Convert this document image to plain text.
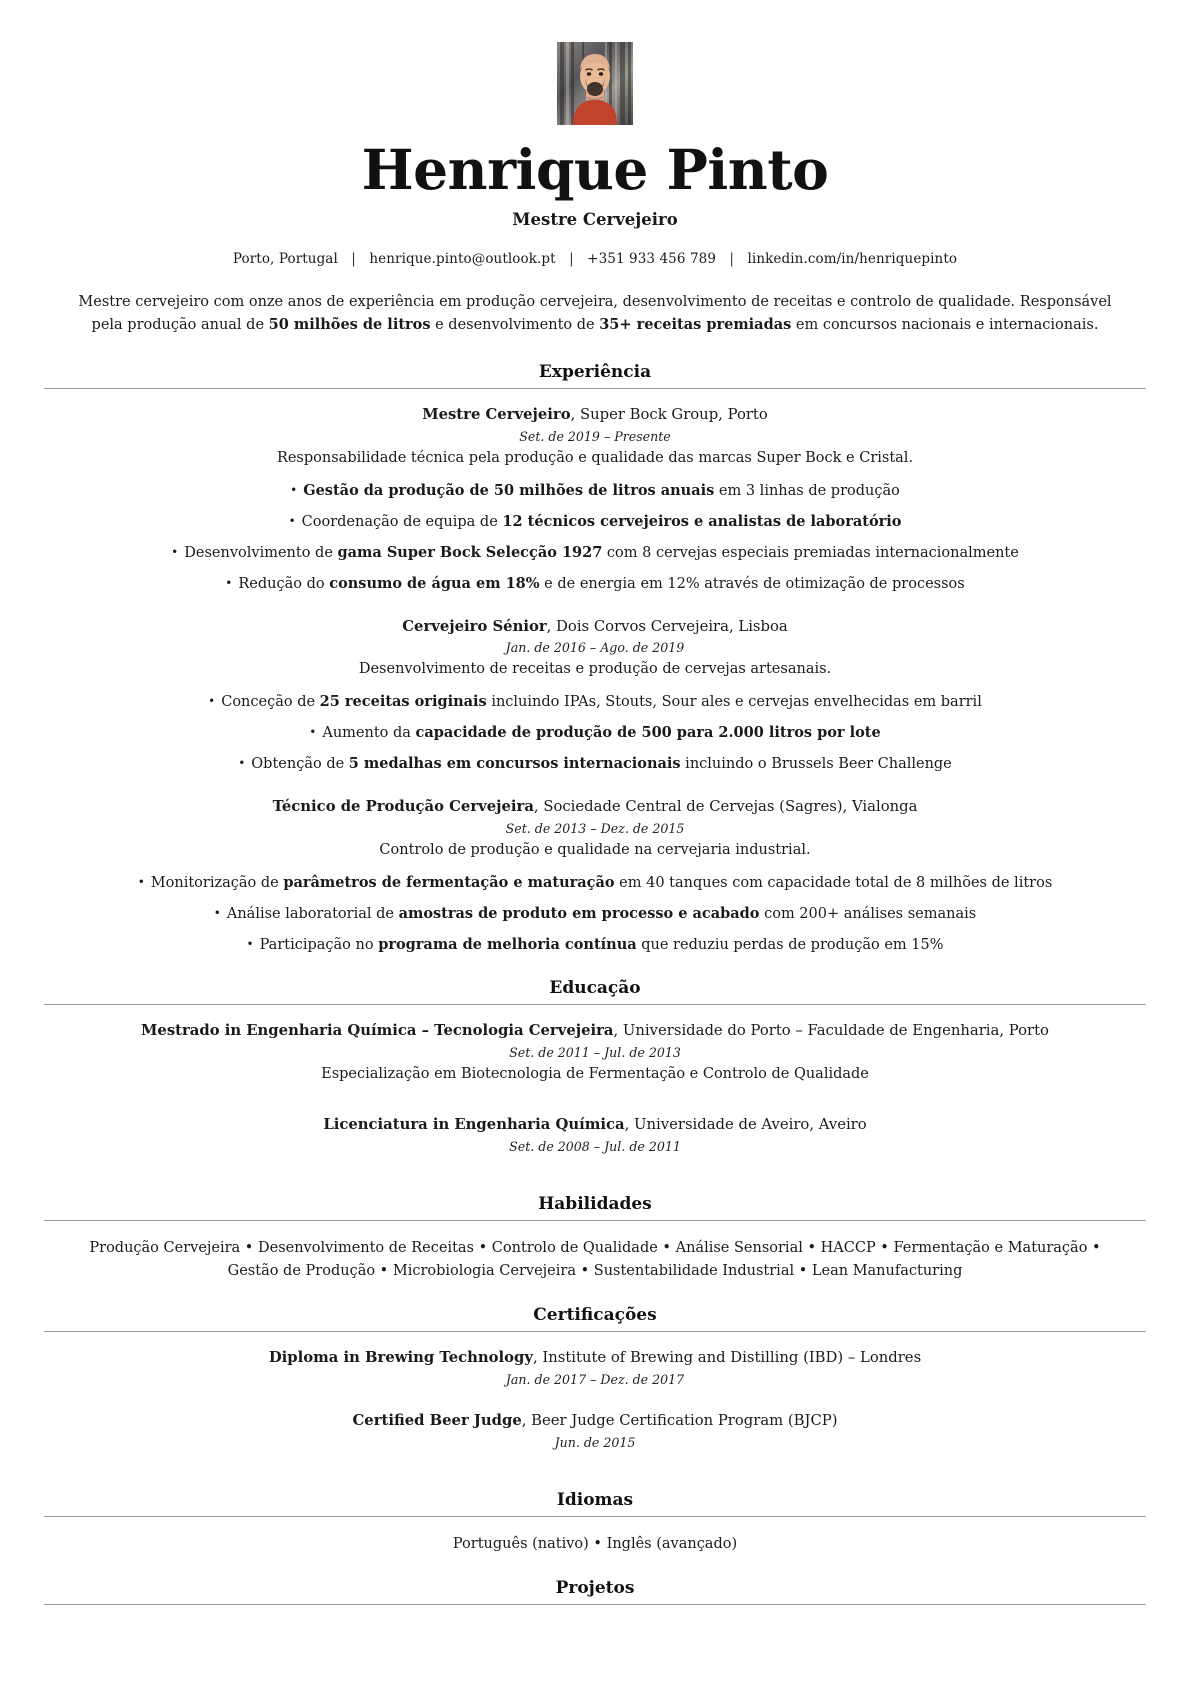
Henrique Pinto
Mestre Cervejeiro
Porto, Portugal | henrique.pinto@outlook.pt | +351 933 456 789 | linkedin.com/in/henriquepinto
Mestre cervejeiro com onze anos de experiência em produção cervejeira, desenvolvimento de receitas e controlo de qualidade. Responsável pela produção anual de 50 milhões de litros e desenvolvimento de 35+ receitas premiadas em concursos nacionais e internacionais.
Experiência
Mestre Cervejeiro, Super Bock Group, Porto
Set. de 2019 – Presente
Responsabilidade técnica pela produção e qualidade das marcas Super Bock e Cristal.
• Gestão da produção de 50 milhões de litros anuais em 3 linhas de produção
• Coordenação de equipa de 12 técnicos cervejeiros e analistas de laboratório
• Desenvolvimento de gama Super Bock Selecção 1927 com 8 cervejas especiais premiadas internacionalmente
• Redução do consumo de água em 18% e de energia em 12% através de otimização de processos
Cervejeiro Sénior, Dois Corvos Cervejeira, Lisboa
Jan. de 2016 – Ago. de 2019
Desenvolvimento de receitas e produção de cervejas artesanais.
• Conceção de 25 receitas originais incluindo IPAs, Stouts, Sour ales e cervejas envelhecidas em barril
• Aumento da capacidade de produção de 500 para 2.000 litros por lote
• Obtenção de 5 medalhas em concursos internacionais incluindo o Brussels Beer Challenge
Técnico de Produção Cervejeira, Sociedade Central de Cervejas (Sagres), Vialonga
Set. de 2013 – Dez. de 2015
Controlo de produção e qualidade na cervejaria industrial.
• Monitorização de parâmetros de fermentação e maturação em 40 tanques com capacidade total de 8 milhões de litros
• Análise laboratorial de amostras de produto em processo e acabado com 200+ análises semanais
• Participação no programa de melhoria contínua que reduziu perdas de produção em 15%
Educação
Mestrado in Engenharia Química – Tecnologia Cervejeira, Universidade do Porto – Faculdade de Engenharia, Porto
Set. de 2011 – Jul. de 2013
Especialização em Biotecnologia de Fermentação e Controlo de Qualidade
Licenciatura in Engenharia Química, Universidade de Aveiro, Aveiro
Set. de 2008 – Jul. de 2011
Habilidades
Produção Cervejeira • Desenvolvimento de Receitas • Controlo de Qualidade • Análise Sensorial • HACCP • Fermentação e Maturação • Gestão de Produção • Microbiologia Cervejeira • Sustentabilidade Industrial • Lean Manufacturing
Certificações
Diploma in Brewing Technology, Institute of Brewing and Distilling (IBD) – Londres
Jan. de 2017 – Dez. de 2017
Certified Beer Judge, Beer Judge Certification Program (BJCP)
Jun. de 2015
Idiomas
Português (nativo) • Inglês (avançado)
Projetos
